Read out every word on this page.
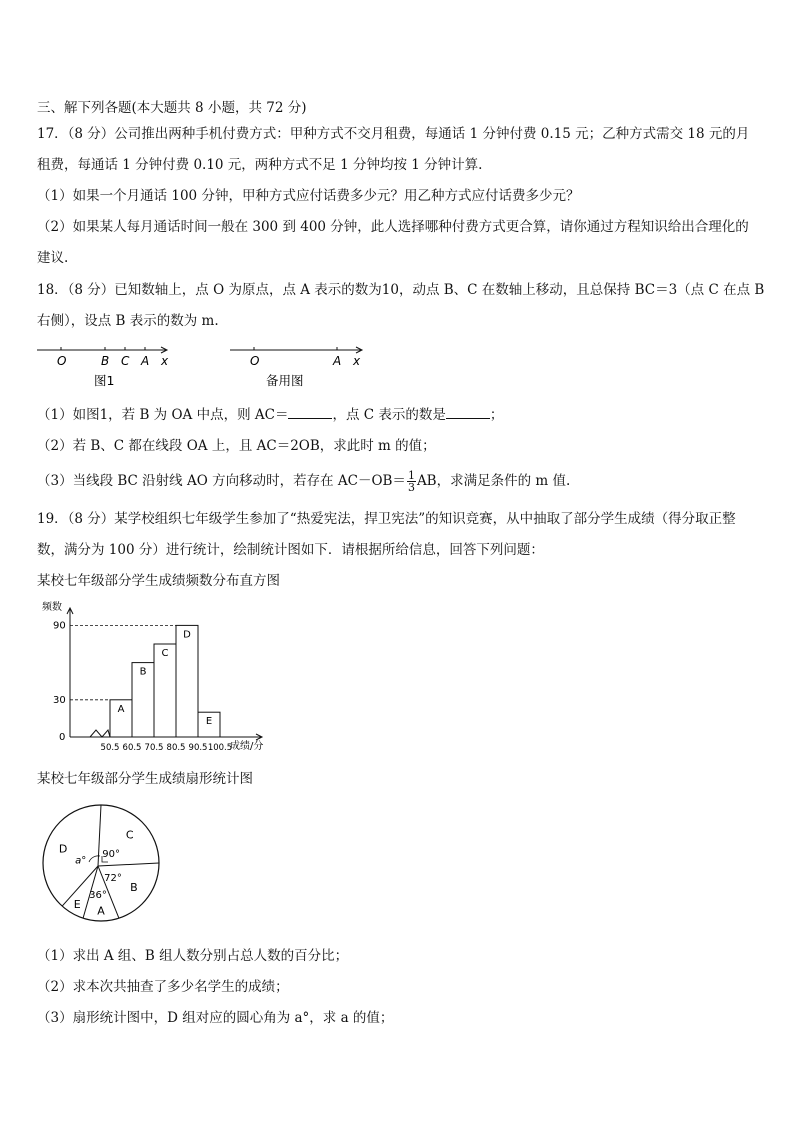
三、解下列各题(本大题共 8 小题，共 72 分)
17．（8 分）公司推出两种手机付费方式：甲种方式不交月租费，每通话 1 分钟付费 0.15 元；乙种方式需交 18 元的月
租费，每通话 1 分钟付费 0.10 元，两种方式不足 1 分钟均按 1 分钟计算.
（1）如果一个月通话 100 分钟，甲种方式应付话费多少元？用乙种方式应付话费多少元？
（2）如果某人每月通话时间一般在 300 到 400 分钟，此人选择哪种付费方式更合算，请你通过方程知识给出合理化的
建议.
18．（8 分）已知数轴上，点 O 为原点，点 A 表示的数为10，动点 B、C 在数轴上移动，且总保持 BC＝3（点 C 在点 B
右侧），设点 B 表示的数为 m.
O	B C A x
图1
O	A x
备用图
（1）如图1，若 B 为 OA 中点，则 AC＝	，点 C 表示的数是	；
（2）若 B、C 都在线段 OA 上，且 AC＝2OB，求此时 m 的值；
（3）当线段 BC 沿射线 AO 方向移动时，若存在 $AC-OB= \frac{1}{3}$ AB，求满足条件的 m 值.
19．（8 分）某学校组织七年级学生参加了“热爱宪法，捍卫宪法”的知识竞赛，从中抽取了部分学生成绩（得分取正整
数，满分为 100 分）进行统计，绘制统计图如下．请根据所给信息，回答下列问题：
某校七年级部分学生成绩频数分布直方图
频数
成绩/分
0
30
90
A
B
C
D
E
50.5 60.5 70.5 80.5 90.5 100.5
某校七年级部分学生成绩扇形统计图
C
90°
B
72°
A
36°
E
D
a°
（1）求出 A 组、B 组人数分别占总人数的百分比；
（2）求本次共抽查了多少名学生的成绩；
（3）扇形统计图中，D 组对应的圆心角为 a°，求 a 的值；
